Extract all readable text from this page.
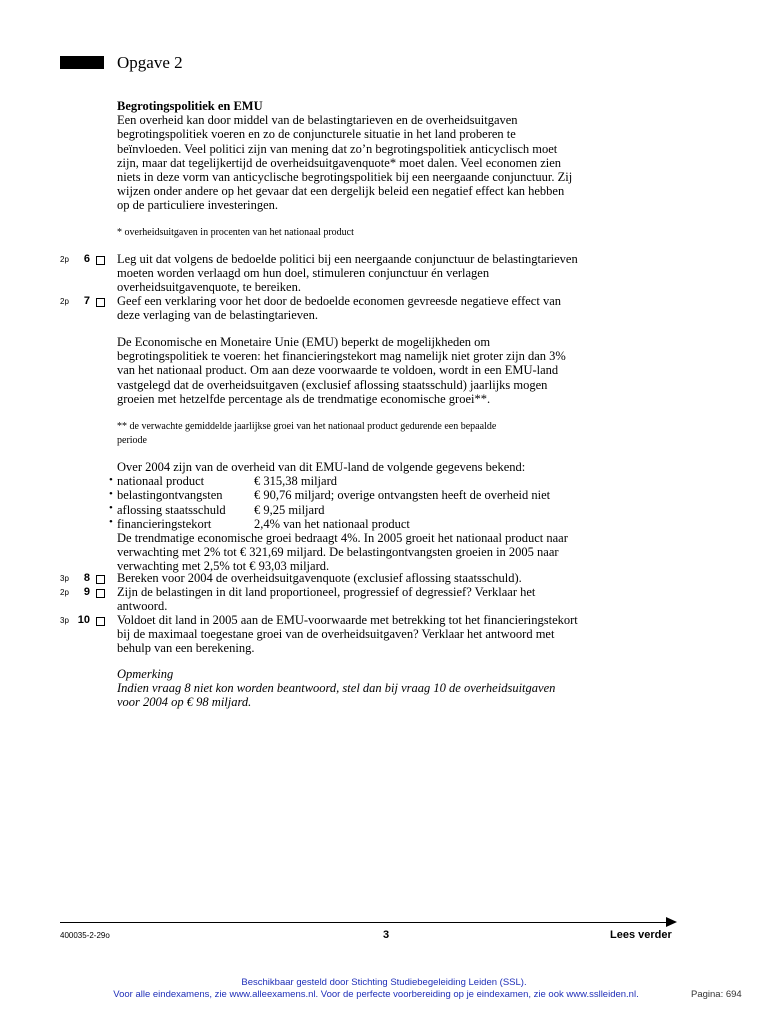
Opgave 2

Begrotingspolitiek en EMU

Een overheid kan door middel van de belastingtarieven en de overheidsuitgaven

begrotingspolitiek voeren en zo de conjuncturele situatie in het land proberen te

beïnvloeden. Veel politici zijn van mening dat zo’n begrotingspolitiek anticyclisch moet

zijn, maar dat tegelijkertijd de overheidsuitgavenquote* moet dalen. Veel economen zien

niets in deze vorm van anticyclische begrotingspolitiek bij een neergaande conjunctuur. Zij

wijzen onder andere op het gevaar dat een dergelijk beleid een negatief effect kan hebben

op de particuliere investeringen.

* overheidsuitgaven in procenten van het nationaal product
2p	6 Leg uit dat volgens de bedoelde politici bij een neergaande conjunctuur de belastingtarieven

moeten worden verlaagd om hun doel, stimuleren conjunctuur én verlagen

overheidsuitgavenquote, te bereiken.

2p	7 Geef een verklaring voor het door de bedoelde economen gevreesde negatieve effect van

deze verlaging van de belastingtarieven.

De Economische en Monetaire Unie (EMU) beperkt de mogelijkheden om

begrotingspolitiek te voeren: het financieringstekort mag namelijk niet groter zijn dan 3%

van het nationaal product. Om aan deze voorwaarde te voldoen, wordt in een EMU-land

vastgelegd dat de overheidsuitgaven (exclusief aflossing staatsschuld) jaarlijks mogen

groeien met hetzelfde percentage als de trendmatige economische groei**.

** de verwachte gemiddelde jaarlijkse groei van het nationaal product gedurende een bepaalde

periode

Over 2004 zijn van de overheid van dit EMU-land de volgende gegevens bekend:

nationaal product	€ 315,38 miljard
belastingontvangsten	€ 90,76 miljard; overige ontvangsten heeft de overheid niet
aflossing staatsschuld	€ 9,25 miljard
financieringstekort	2,4% van het nationaal product

De trendmatige economische groei bedraagt 4%. In 2005 groeit het nationaal product naar

verwachting met 2% tot € 321,69 miljard. De belastingontvangsten groeien in 2005 naar

verwachting met 2,5% tot € 93,03 miljard.

•
•
•
•
3p	8 Bereken voor 2004 de overheidsuitgavenquote (exclusief aflossing staatsschuld).

2p	9 Zijn de belastingen in dit land proportioneel, progressief of degressief? Verklaar het

antwoord.

3p 10 Voldoet dit land in 2005 aan de EMU-voorwaarde met betrekking tot het financieringstekort

bij de maximaal toegestane groei van de overheidsuitgaven? Verklaar het antwoord met

behulp van een berekening.

Opmerking

Indien vraag 8 niet kon worden beantwoord, stel dan bij vraag 10 de overheidsuitgaven

voor 2004 op € 98 miljard.

400035-2-29o	3	Lees verder
Beschikbaar gesteld door Stichting Studiebegeleiding Leiden (SSL).
Voor alle eindexamens, zie www.alleexamens.nl. Voor de perfecte voorbereiding op je eindexamen, zie ook www.sslleiden.nl.	Pagina: 694
